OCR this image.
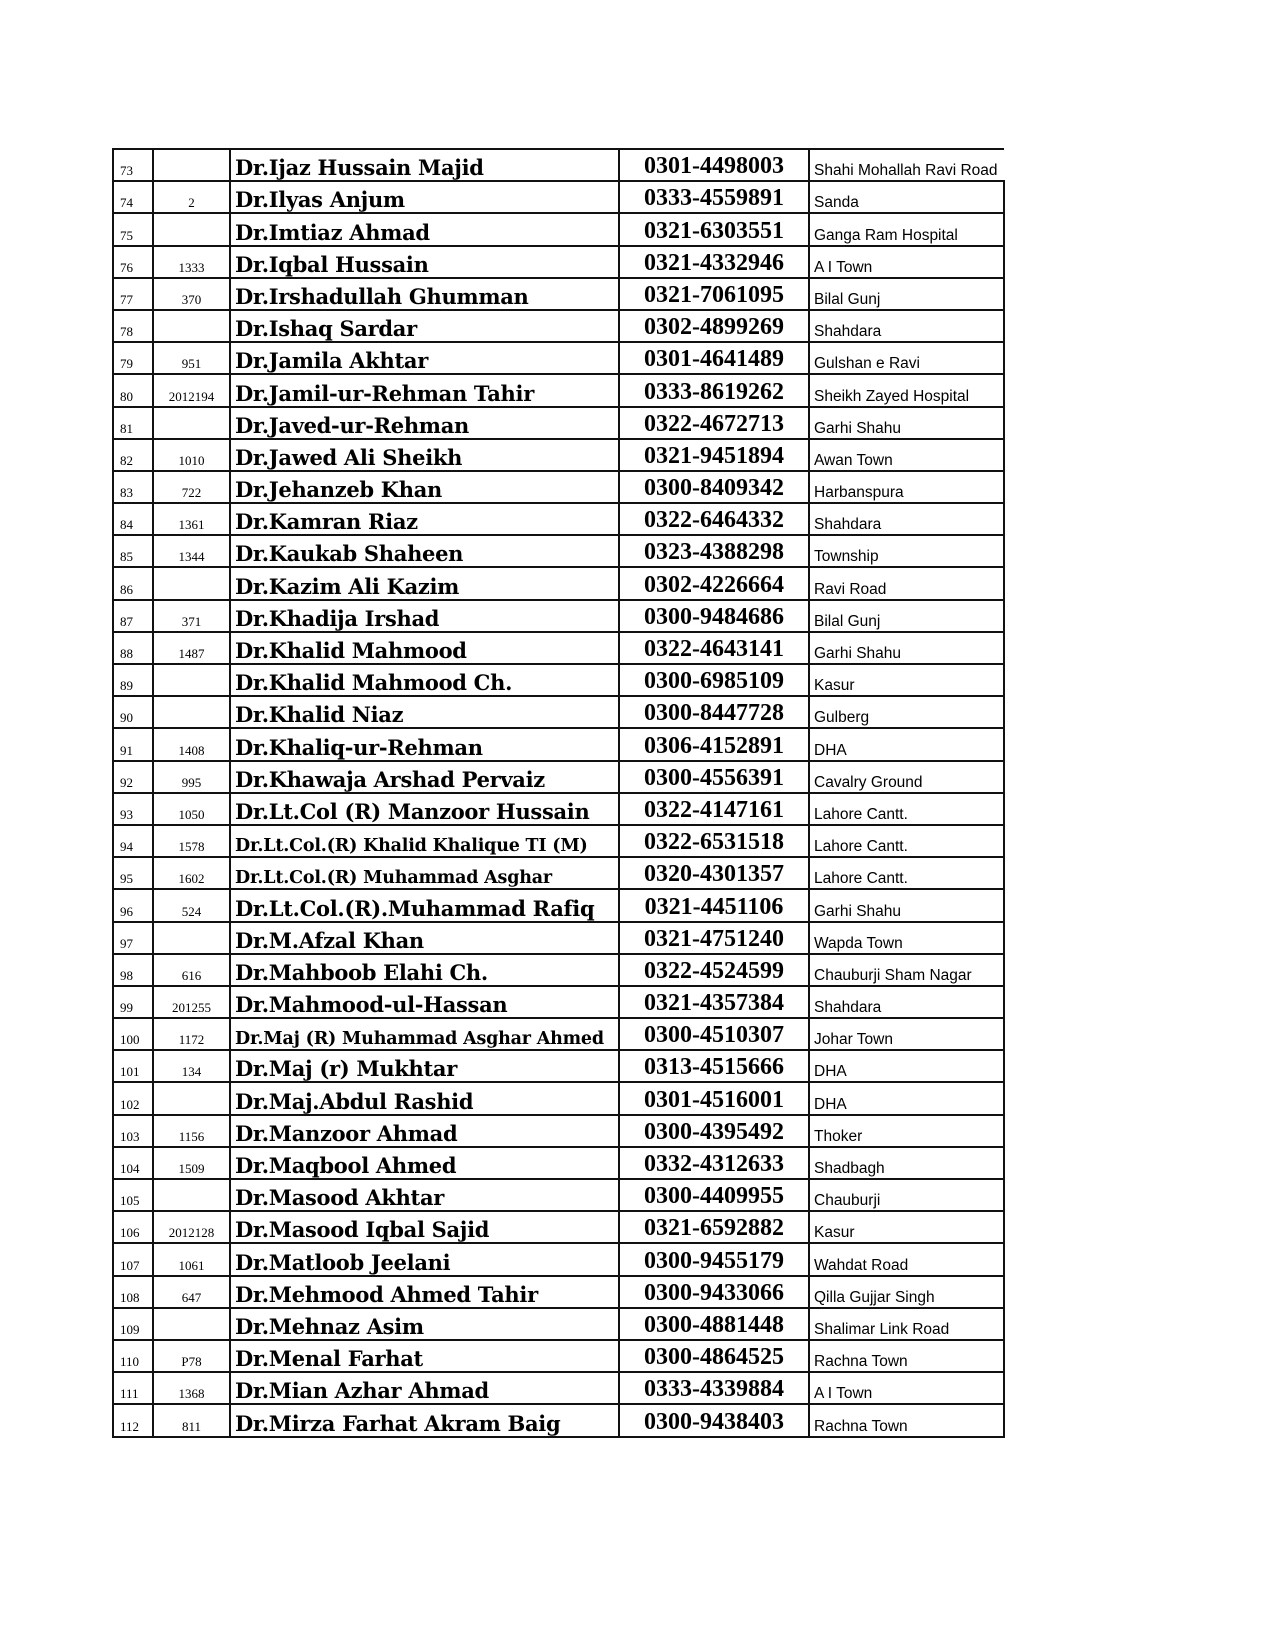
73		Dr.Ijaz Hussain Majid	0301-4498003	Shahi Mohallah Ravi Road
74	2	Dr.Ilyas Anjum	0333-4559891	Sanda
75		Dr.Imtiaz Ahmad	0321-6303551	Ganga Ram Hospital
76	1333	Dr.Iqbal Hussain	0321-4332946	A I Town
77	370	Dr.Irshadullah Ghumman	0321-7061095	Bilal Gunj
78		Dr.Ishaq Sardar	0302-4899269	Shahdara
79	951	Dr.Jamila Akhtar	0301-4641489	Gulshan e Ravi
80	2012194	Dr.Jamil-ur-Rehman Tahir	0333-8619262	Sheikh Zayed Hospital
81		Dr.Javed-ur-Rehman	0322-4672713	Garhi Shahu
82	1010	Dr.Jawed Ali Sheikh	0321-9451894	Awan Town
83	722	Dr.Jehanzeb Khan	0300-8409342	Harbanspura
84	1361	Dr.Kamran Riaz	0322-6464332	Shahdara
85	1344	Dr.Kaukab Shaheen	0323-4388298	Township
86		Dr.Kazim Ali Kazim	0302-4226664	Ravi Road
87	371	Dr.Khadija Irshad	0300-9484686	Bilal Gunj
88	1487	Dr.Khalid Mahmood	0322-4643141	Garhi Shahu
89		Dr.Khalid Mahmood Ch.	0300-6985109	Kasur
90		Dr.Khalid Niaz	0300-8447728	Gulberg
91	1408	Dr.Khaliq-ur-Rehman	0306-4152891	DHA
92	995	Dr.Khawaja Arshad Pervaiz	0300-4556391	Cavalry Ground
93	1050	Dr.Lt.Col (R) Manzoor Hussain	0322-4147161	Lahore Cantt.
94	1578	Dr.Lt.Col.(R) Khalid Khalique TI (M)	0322-6531518	Lahore Cantt.
95	1602	Dr.Lt.Col.(R) Muhammad Asghar	0320-4301357	Lahore Cantt.
96	524	Dr.Lt.Col.(R).Muhammad Rafiq	0321-4451106	Garhi Shahu
97		Dr.M.Afzal Khan	0321-4751240	Wapda Town
98	616	Dr.Mahboob Elahi Ch.	0322-4524599	Chauburji Sham Nagar
99	201255	Dr.Mahmood-ul-Hassan	0321-4357384	Shahdara
100	1172	Dr.Maj (R) Muhammad Asghar Ahmed	0300-4510307	Johar Town
101	134	Dr.Maj (r) Mukhtar	0313-4515666	DHA
102		Dr.Maj.Abdul Rashid	0301-4516001	DHA
103	1156	Dr.Manzoor Ahmad	0300-4395492	Thoker
104	1509	Dr.Maqbool Ahmed	0332-4312633	Shadbagh
105		Dr.Masood Akhtar	0300-4409955	Chauburji
106	2012128	Dr.Masood Iqbal Sajid	0321-6592882	Kasur
107	1061	Dr.Matloob Jeelani	0300-9455179	Wahdat Road
108	647	Dr.Mehmood Ahmed Tahir	0300-9433066	Qilla Gujjar Singh
109		Dr.Mehnaz Asim	0300-4881448	Shalimar Link Road
110	P78	Dr.Menal Farhat	0300-4864525	Rachna Town
111	1368	Dr.Mian Azhar Ahmad	0333-4339884	A I Town
112	811	Dr.Mirza Farhat Akram Baig	0300-9438403	Rachna Town
